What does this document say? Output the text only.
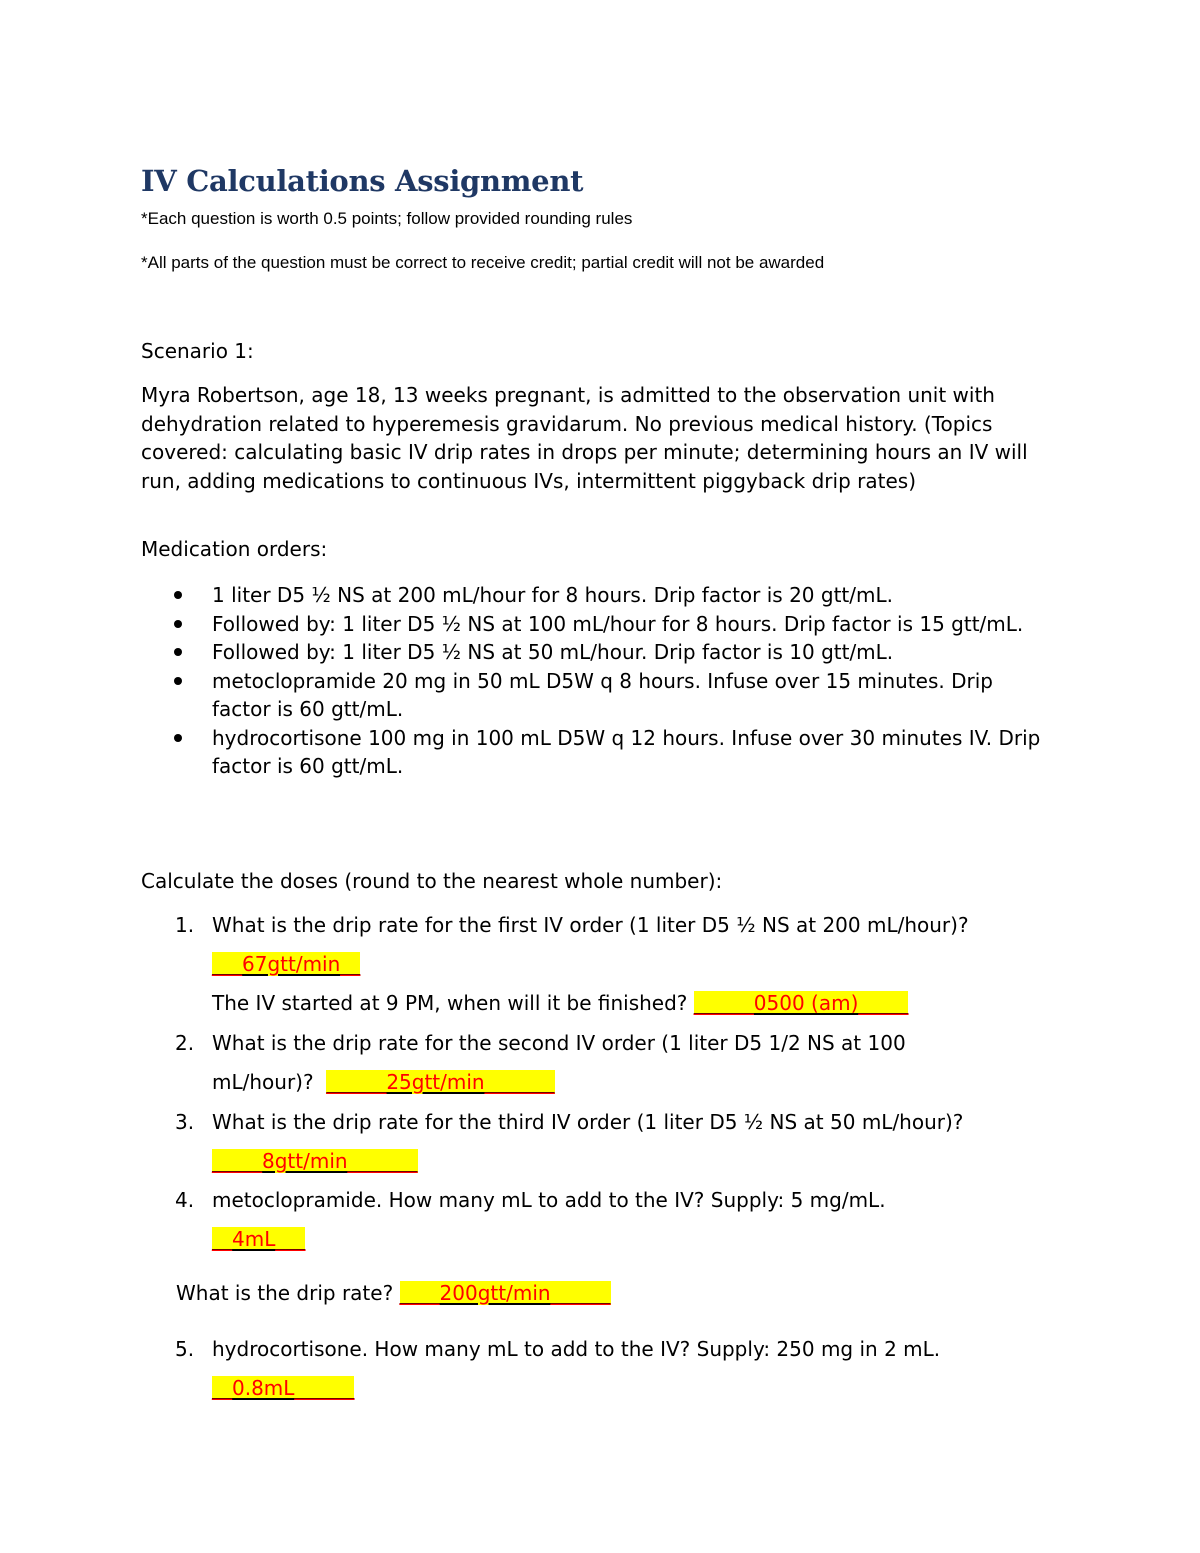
IV Calculations Assignment

*Each question is worth 0.5 points; follow provided rounding rules

*All parts of the question must be correct to receive credit; partial credit will not be awarded

Scenario 1:

Myra Robertson, age 18, 13 weeks pregnant, is admitted to the observation unit with dehydration related to hyperemesis gravidarum. No previous medical history. (Topics covered: calculating basic IV drip rates in drops per minute; determining hours an IV will run, adding medications to continuous IVs, intermittent piggyback drip rates)

Medication orders:

1 liter D5 ½ NS at 200 mL/hour for 8 hours. Drip factor is 20 gtt/mL.
Followed by: 1 liter D5 ½ NS at 100 mL/hour for 8 hours. Drip factor is 15 gtt/mL.
Followed by: 1 liter D5 ½ NS at 50 mL/hour. Drip factor is 10 gtt/mL.
metoclopramide 20 mg in 50 mL D5W q 8 hours. Infuse over 15 minutes. Drip factor is 60 gtt/mL.
hydrocortisone 100 mg in 100 mL D5W q 12 hours. Infuse over 30 minutes IV. Drip factor is 60 gtt/mL.

Calculate the doses (round to the nearest whole number):

1. What is the drip rate for the first IV order (1 liter D5 ½ NS at 200 mL/hour)?
___67gtt/min__
The IV started at 9 PM, when will it be finished? ______0500 (am)_____
2. What is the drip rate for the second IV order (1 liter D5 1/2 NS at 100 mL/hour)? ______25gtt/min_______
3. What is the drip rate for the third IV order (1 liter D5 ½ NS at 50 mL/hour)?
_____8gtt/min_______
4. metoclopramide. How many mL to add to the IV? Supply: 5 mg/mL.
__4mL___

What is the drip rate? ____200gtt/min______

5. hydrocortisone. How many mL to add to the IV? Supply: 250 mg in 2 mL.
__0.8mL______
